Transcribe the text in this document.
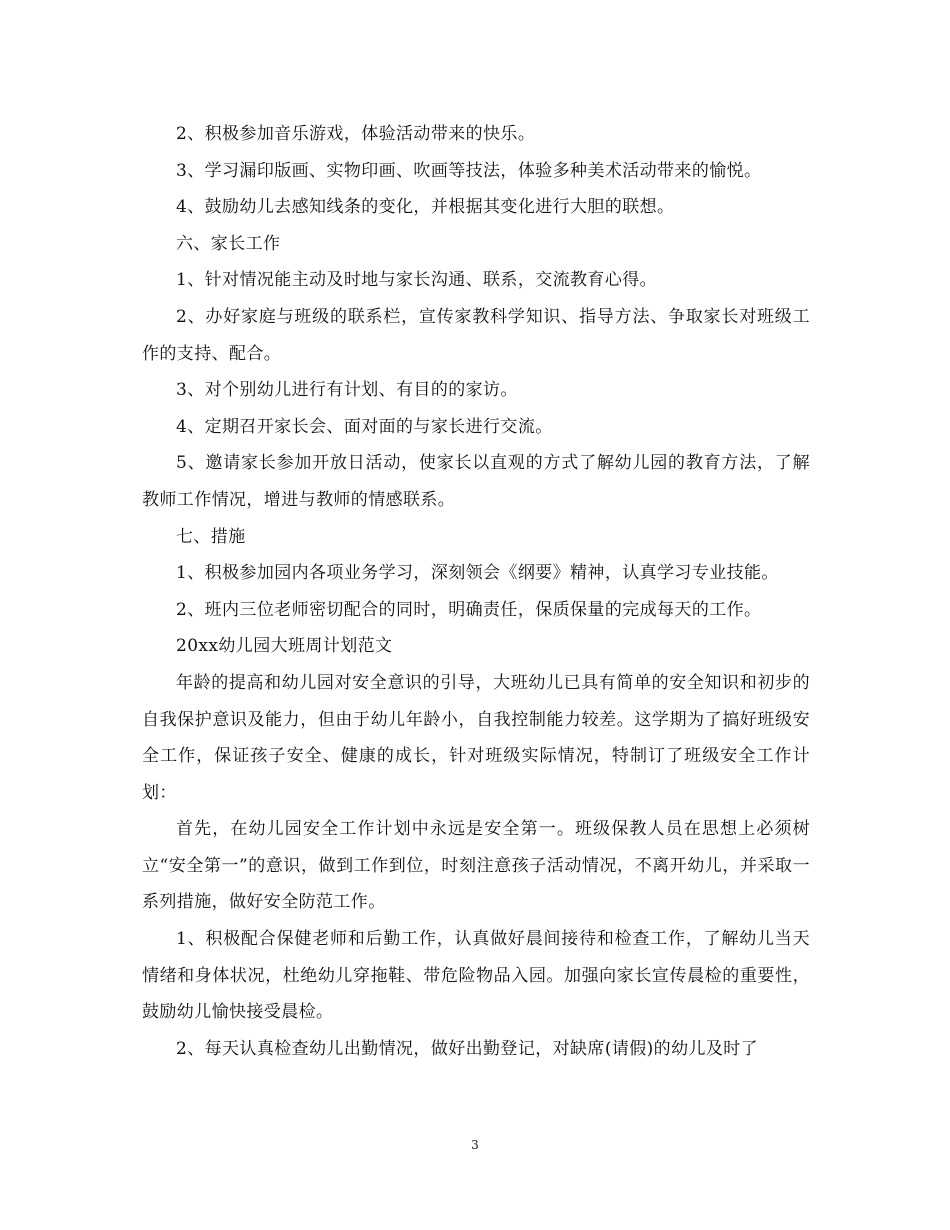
2、积极参加音乐游戏，体验活动带来的快乐。

3、学习漏印版画、实物印画、吹画等技法，体验多种美术活动带来的愉悦。

4、鼓励幼儿去感知线条的变化，并根据其变化进行大胆的联想。

六、家长工作

1、针对情况能主动及时地与家长沟通、联系，交流教育心得。

2、办好家庭与班级的联系栏，宣传家教科学知识、指导方法、争取家长对班级工作的支持、配合。

3、对个别幼儿进行有计划、有目的的家访。

4、定期召开家长会、面对面的与家长进行交流。

5、邀请家长参加开放日活动，使家长以直观的方式了解幼儿园的教育方法，了解教师工作情况，增进与教师的情感联系。

七、措施

1、积极参加园内各项业务学习，深刻领会《纲要》精神，认真学习专业技能。

2、班内三位老师密切配合的同时，明确责任，保质保量的完成每天的工作。

20xx幼儿园大班周计划范文

年龄的提高和幼儿园对安全意识的引导，大班幼儿已具有简单的安全知识和初步的自我保护意识及能力，但由于幼儿年龄小，自我控制能力较差。这学期为了搞好班级安全工作，保证孩子安全、健康的成长，针对班级实际情况，特制订了班级安全工作计划：

首先，在幼儿园安全工作计划中永远是安全第一。班级保教人员在思想上必须树立“安全第一”的意识，做到工作到位，时刻注意孩子活动情况，不离开幼儿，并采取一系列措施，做好安全防范工作。

1、积极配合保健老师和后勤工作，认真做好晨间接待和检查工作，了解幼儿当天情绪和身体状况，杜绝幼儿穿拖鞋、带危险物品入园。加强向家长宣传晨检的重要性，鼓励幼儿愉快接受晨检。

2、每天认真检查幼儿出勤情况，做好出勤登记，对缺席(请假)的幼儿及时了

3
